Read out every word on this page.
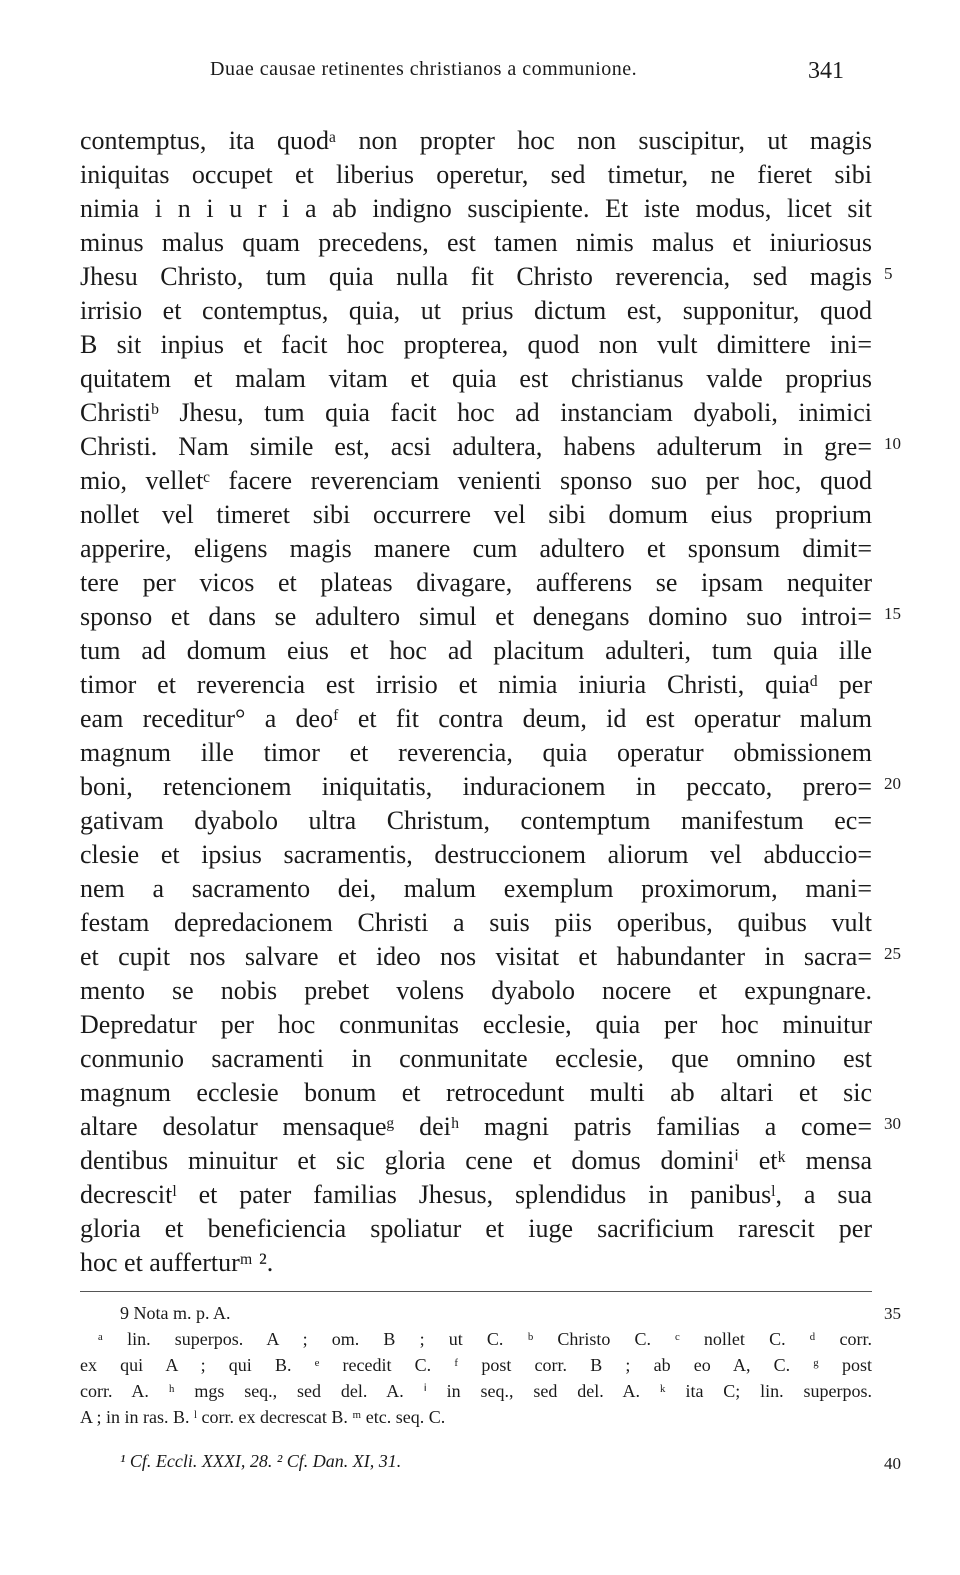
Duae causae retinentes christianos a communione.	341
contemptus, ita quodᵃ non propter hoc non suscipitur, ut magis
iniquitas occupet et liberius operetur, sed timetur, ne fieret sibi
nimia i n i u r i a ab indigno suscipiente. Et iste modus, licet sit
minus malus quam precedens, est tamen nimis malus et iniuriosus
Jhesu Christo, tum quia nulla fit Christo reverencia, sed magis
irrisio et contemptus, quia, ut prius dictum est, supponitur, quod
B sit inpius et facit hoc propterea, quod non vult dimittere ini=
quitatem et malam vitam et quia est christianus valde proprius
Christiᵇ Jhesu, tum quia facit hoc ad instanciam dyaboli, inimici
Christi. Nam simile est, acsi adultera, habens adulterum in gre=
mio, velletᶜ facere reverenciam venienti sponso suo per hoc, quod
nollet vel timeret sibi occurrere vel sibi domum eius proprium
apperire, eligens magis manere cum adultero et sponsum dimit=
tere per vicos et plateas divagare, aufferens se ipsam nequiter
sponso et dans se adultero simul et denegans domino suo introi=
tum ad domum eius et hoc ad placitum adulteri, tum quia ille
timor et reverencia est irrisio et nimia iniuria Christi, quiaᵈ per
eam receditur° a deoᶠ et fit contra deum, id est operatur malum
magnum ille timor et reverencia, quia operatur obmissionem
boni, retencionem iniquitatis, induracionem in peccato, prero=
gativam dyabolo ultra Christum, contemptum manifestum ec=
clesie et ipsius sacramentis, destruccionem aliorum vel abduccio=
nem a sacramento dei, malum exemplum proximorum, mani=
festam depredacionem Christi a suis piis operibus, quibus vult
et cupit nos salvare et ideo nos visitat et habundanter in sacra=
mento se nobis prebet volens dyabolo nocere et expungnare.
Depredatur per hoc conmunitas ecclesie, quia per hoc minuitur
conmunio sacramenti in conmunitate ecclesie, que omnino est
magnum ecclesie bonum et retrocedunt multi ab altari et sic
altare desolatur mensaqueᵍ deiʰ magni patris familias a come=
dentibus minuitur et sic gloria cene et domus dominiⁱ etᵏ mensa
decrescitˡ et pater familias Jhesus, splendidus in panibusˡ, a sua
gloria et beneficiencia spoliatur et iuge sacrificium rarescit per
hoc et aufferturᵐ ².
5
10
15
20
25
30
35
40
9 Nota m. p. A.
ᵃ lin. superpos. A ; om. B ; ut C. ᵇ Christo C. ᶜ nollet C. ᵈ corr.
ex qui A ; qui B. ᵉ recedit C. ᶠ post corr. B ; ab eo A, C. ᵍ post
corr. A. ʰ mgs seq., sed del. A. ⁱ in seq., sed del. A. ᵏ ita C; lin. superpos.
A ; in in ras. B. ˡ corr. ex decrescat B. ᵐ etc. seq. C.
¹ Cf. Eccli. XXXI, 28. ² Cf. Dan. XI, 31.
